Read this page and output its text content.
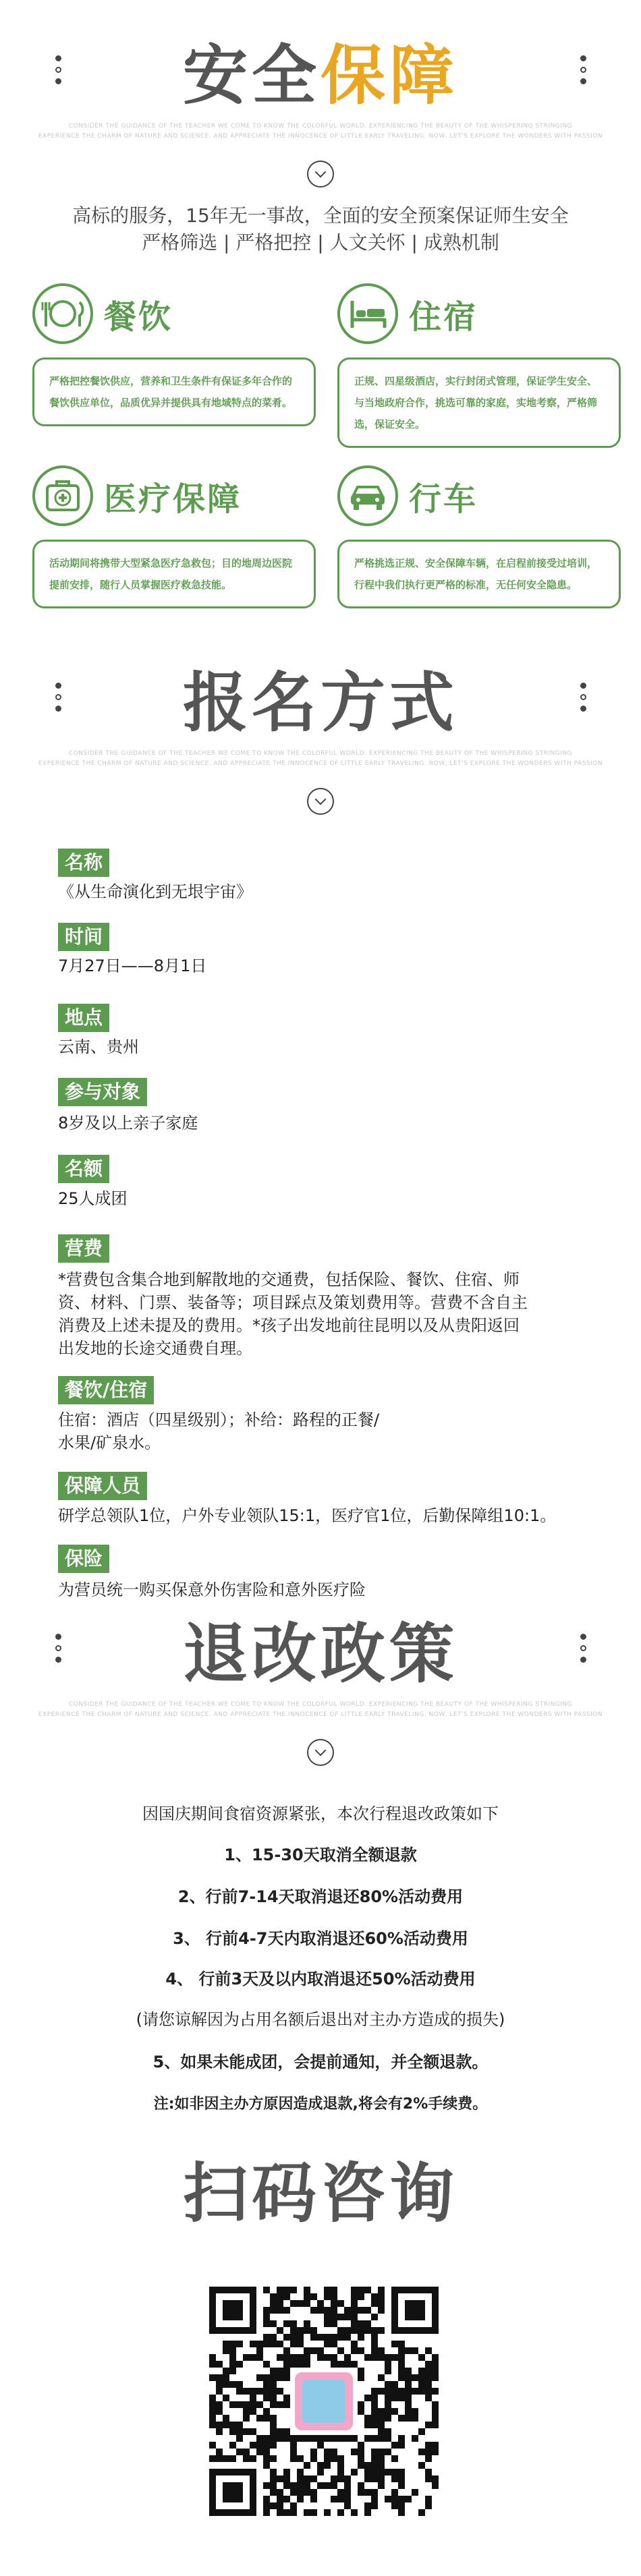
安全保障
CONSIDER THE GUIDANCE OF THE TEACHER WE COME TO KNOW THE COLORFUL WORLD. EXPERIENCING THE BEAUTY OF THE WHISPERING STRINGING
EXPERIENCE THE CHARM OF NATURE AND SCIENCE. AND APPRECIATE THE INNOCENCE OF LITTLE EARLY TRAVELING. NOW, LET'S EXPLORE THE WONDERS WITH PASSION
高标的服务，15年无一事故，全面的安全预案保证师生安全
严格筛选 | 严格把控 | 人文关怀 | 成熟机制
餐饮
严格把控餐饮供应，营养和卫生条件有保证多年合作的餐饮供应单位，品质优异并提供具有地域特点的菜肴。
住宿
正规、四星级酒店，实行封闭式管理，保证学生安全、与当地政府合作，挑选可靠的家庭，实地考察，严格筛选，保证安全。
医疗保障
活动期间将携带大型紧急医疗急救包；目的地周边医院提前安排，随行人员掌握医疗救急技能。
行车
严格挑选正规、安全保障车辆，在启程前接受过培训，行程中我们执行更严格的标准，无任何安全隐患。
报名方式
CONSIDER THE GUIDANCE OF THE TEACHER WE COME TO KNOW THE COLORFUL WORLD. EXPERIENCING THE BEAUTY OF THE WHISPERING STRINGING
EXPERIENCE THE CHARM OF NATURE AND SCIENCE. AND APPRECIATE THE INNOCENCE OF LITTLE EARLY TRAVELING. NOW, LET'S EXPLORE THE WONDERS WITH PASSION
名称
《从生命演化到无垠宇宙》
时间
7月27日——8月1日
地点
云南、贵州
参与对象
8岁及以上亲子家庭
名额
25人成团
营费
*营费包含集合地到解散地的交通费，包括保险、餐饮、住宿、师资、材料、门票、装备等；项目踩点及策划费用等。营费不含自主消费及上述未提及的费用。*孩子出发地前往昆明以及从贵阳返回出发地的长途交通费自理。
餐饮/住宿
住宿：酒店（四星级别）；补给：路程的正餐/水果/矿泉水。
保障人员
研学总领队1位，户外专业领队15:1，医疗官1位，后勤保障组10:1。
保险
为营员统一购买保意外伤害险和意外医疗险
退改政策
CONSIDER THE GUIDANCE OF THE TEACHER WE COME TO KNOW THE COLORFUL WORLD. EXPERIENCING THE BEAUTY OF THE WHISPERING STRINGING
EXPERIENCE THE CHARM OF NATURE AND SCIENCE. AND APPRECIATE THE INNOCENCE OF LITTLE EARLY TRAVELING. NOW, LET'S EXPLORE THE WONDERS WITH PASSION
因国庆期间食宿资源紧张，本次行程退改政策如下
1、15-30天取消全额退款
2、行前7-14天取消退还80%活动费用
3、 行前4-7天内取消退还60%活动费用
4、 行前3天及以内取消退还50%活动费用
(请您谅解因为占用名额后退出对主办方造成的损失)
5、如果未能成团，会提前通知，并全额退款。
注:如非因主办方原因造成退款,将会有2%手续费。
扫码咨询
